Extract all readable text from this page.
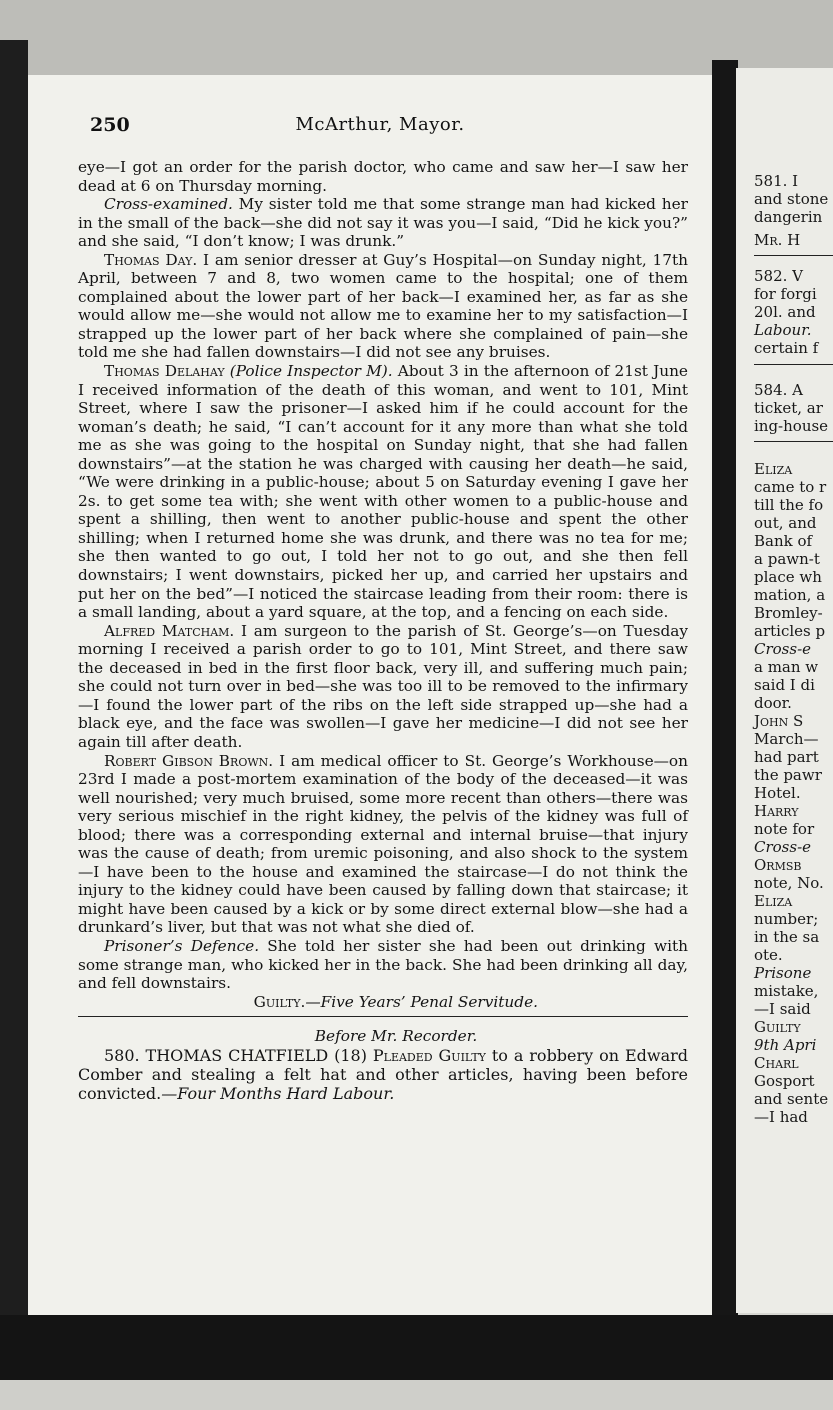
250	McArthur, Mayor.

eye—I got an order for the parish doctor, who came and saw her—I saw her dead at 6 on Thursday morning.

Cross-examined. My sister told me that some strange man had kicked her in the small of the back—she did not say it was you—I said, “Did he kick you?” and she said, “I don’t know; I was drunk.”

Thomas Day. I am senior dresser at Guy’s Hospital—on Sunday night, 17th April, between 7 and 8, two women came to the hospital; one of them complained about the lower part of her back—I examined her, as far as she would allow me—she would not allow me to examine her to my satisfaction—I strapped up the lower part of her back where she complained of pain—she told me she had fallen downstairs—I did not see any bruises.

Thomas Delahay (Police Inspector M). About 3 in the afternoon of 21st June I received information of the death of this woman, and went to 101, Mint Street, where I saw the prisoner—I asked him if he could account for the woman’s death; he said, “I can’t account for it any more than what she told me as she was going to the hospital on Sunday night, that she had fallen downstairs”—at the station he was charged with causing her death—he said, “We were drinking in a public-house; about 5 on Saturday evening I gave her 2s. to get some tea with; she went with other women to a public-house and spent a shilling, then went to another public-house and spent the other shilling; when I returned home she was drunk, and there was no tea for me; she then wanted to go out, I told her not to go out, and she then fell downstairs; I went downstairs, picked her up, and carried her upstairs and put her on the bed”—I noticed the staircase leading from their room: there is a small landing, about a yard square, at the top, and a fencing on each side.

Alfred Matcham. I am surgeon to the parish of St. George’s—on Tuesday morning I received a parish order to go to 101, Mint Street, and there saw the deceased in bed in the first floor back, very ill, and suffering much pain; she could not turn over in bed—she was too ill to be removed to the infirmary—I found the lower part of the ribs on the left side strapped up—she had a black eye, and the face was swollen—I gave her medicine—I did not see her again till after death.

Robert Gibson Brown. I am medical officer to St. George’s Workhouse—on 23rd I made a post-mortem examination of the body of the deceased—it was well nourished; very much bruised, some more recent than others—there was very serious mischief in the right kidney, the pelvis of the kidney was full of blood; there was a corresponding external and internal bruise—that injury was the cause of death; from uremic poisoning, and also shock to the system—I have been to the house and examined the staircase—I do not think the injury to the kidney could have been caused by falling down that staircase; it might have been caused by a kick or by some direct external blow—she had a drunkard’s liver, but that was not what she died of.

Prisoner’s Defence. She told her sister she had been out drinking with some strange man, who kicked her in the back. She had been drinking all day, and fell downstairs.

Guilty.—Five Years’ Penal Servitude.

Before Mr. Recorder.

580. THOMAS CHATFIELD (18) Pleaded Guilty to a robbery on Edward Comber and stealing a felt hat and other articles, having been before convicted.—Four Months Hard Labour.

581. I
and stone
dangerin
Mr. H
582. V
for forgi
20l. and
Labour.
certain f
584. A
ticket, ar
ing-house
Eliza
came to r
till the fo
out, and
Bank of
a pawn-t
place wh
mation, a
Bromley-
articles p
Cross-e
a man w
said I di
door.
John S
March—
had part
the pawr
Hotel.
Harry
note for
Cross-e
Ormsb
note, No.
Eliza
number;
in the sa
ote.
Prisone
mistake,
—I said
Guilty
9th Apri
Charl
Gosport
and sente
—I had
